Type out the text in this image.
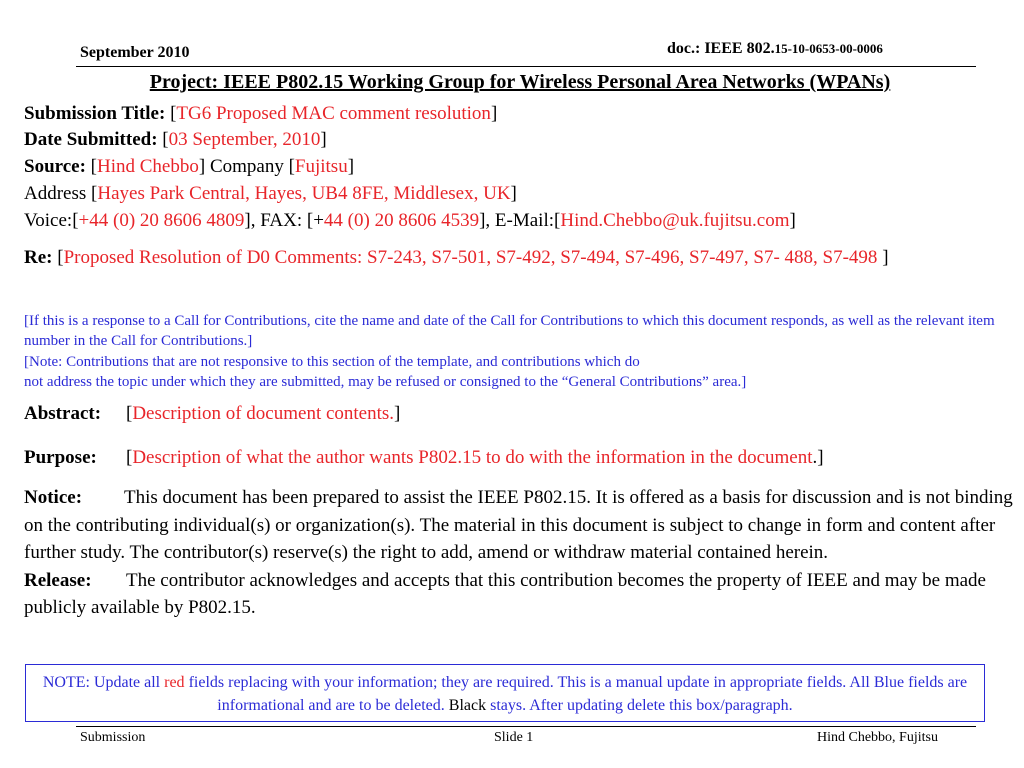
September 2010	doc.: IEEE 802.15-10-0653-00-0006
Project: IEEE P802.15 Working Group for Wireless Personal Area Networks (WPANs)
Submission Title: [TG6 Proposed MAC comment resolution]
Date Submitted: [03 September, 2010]
Source: [Hind Chebbo] Company [Fujitsu]
Address [Hayes Park Central, Hayes, UB4 8FE, Middlesex, UK]
Voice:[+44 (0) 20 8606 4809], FAX: [+44 (0) 20 8606 4539], E-Mail:[Hind.Chebbo@uk.fujitsu.com]
Re: [Proposed Resolution of D0 Comments: S7-243, S7-501, S7-492, S7-494, S7-496, S7-497, S7- 488, S7-498 ]
[If this is a response to a Call for Contributions, cite the name and date of the Call for Contributions to which this document responds, as well as the relevant item number in the Call for Contributions.]
[Note: Contributions that are not responsive to this section of the template, and contributions which do
not address the topic under which they are submitted, may be refused or consigned to the “General Contributions” area.]
Abstract: [Description of document contents.]
Purpose: [Description of what the author wants P802.15 to do with the information in the document.]
Notice: This document has been prepared to assist the IEEE P802.15. It is offered as a basis for discussion and is not binding on the contributing individual(s) or organization(s). The material in this document is subject to change in form and content after further study. The contributor(s) reserve(s) the right to add, amend or withdraw material contained herein.
Release: The contributor acknowledges and accepts that this contribution becomes the property of IEEE and may be made publicly available by P802.15.
NOTE: Update all red fields replacing with your information; they are required. This is a manual update in appropriate fields. All Blue fields are informational and are to be deleted. Black stays. After updating delete this box/paragraph.
Submission	Slide 1	Hind Chebbo, Fujitsu
